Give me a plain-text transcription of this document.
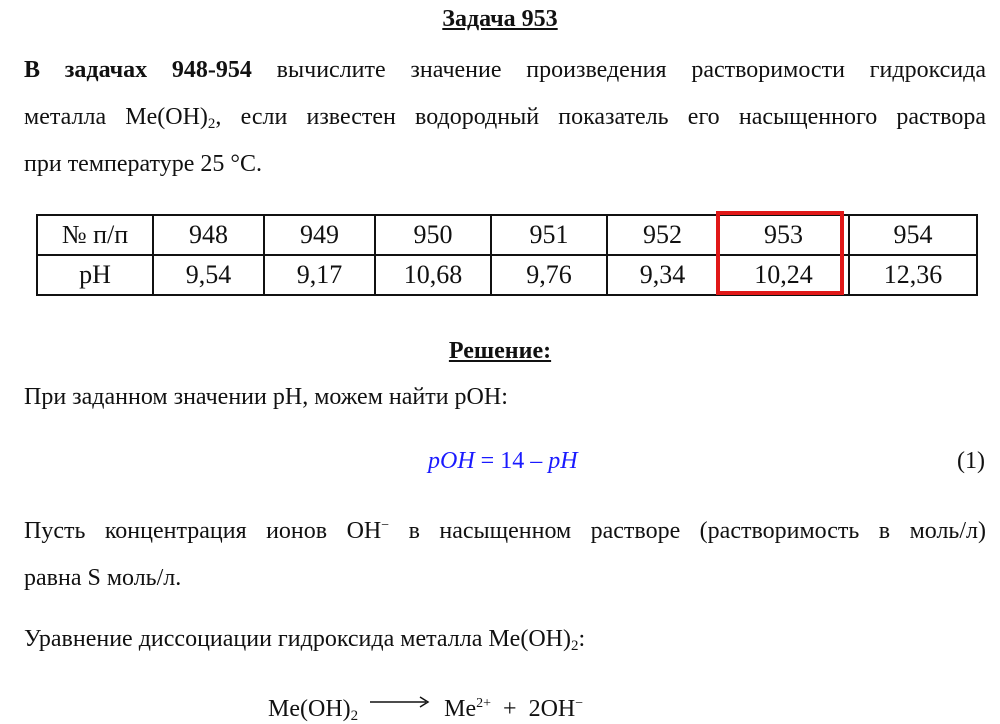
Задача 953
В задачах 948-954 вычислите значение произведения растворимости гидроксида
металла $Me(OH)_2$, если известен водородный показатель его насыщенного раствора
при температуре 25 °С.
№ п/п	948	949	950	951	952	953	954
pH	9,54	9,17	10,68	9,76	9,34	10,24	12,36
Решение:
При заданном значении pH, можем найти pOH:
pOH = 14 – pH	(1)
Пусть концентрация ионов OH− в насыщенном растворе (растворимость в моль/л)
равна S моль/л.
Уравнение диссоциации гидроксида металла $Me(OH)_2$:
$Me(OH)_2 \to Me^{2+} + 2OH^-$
